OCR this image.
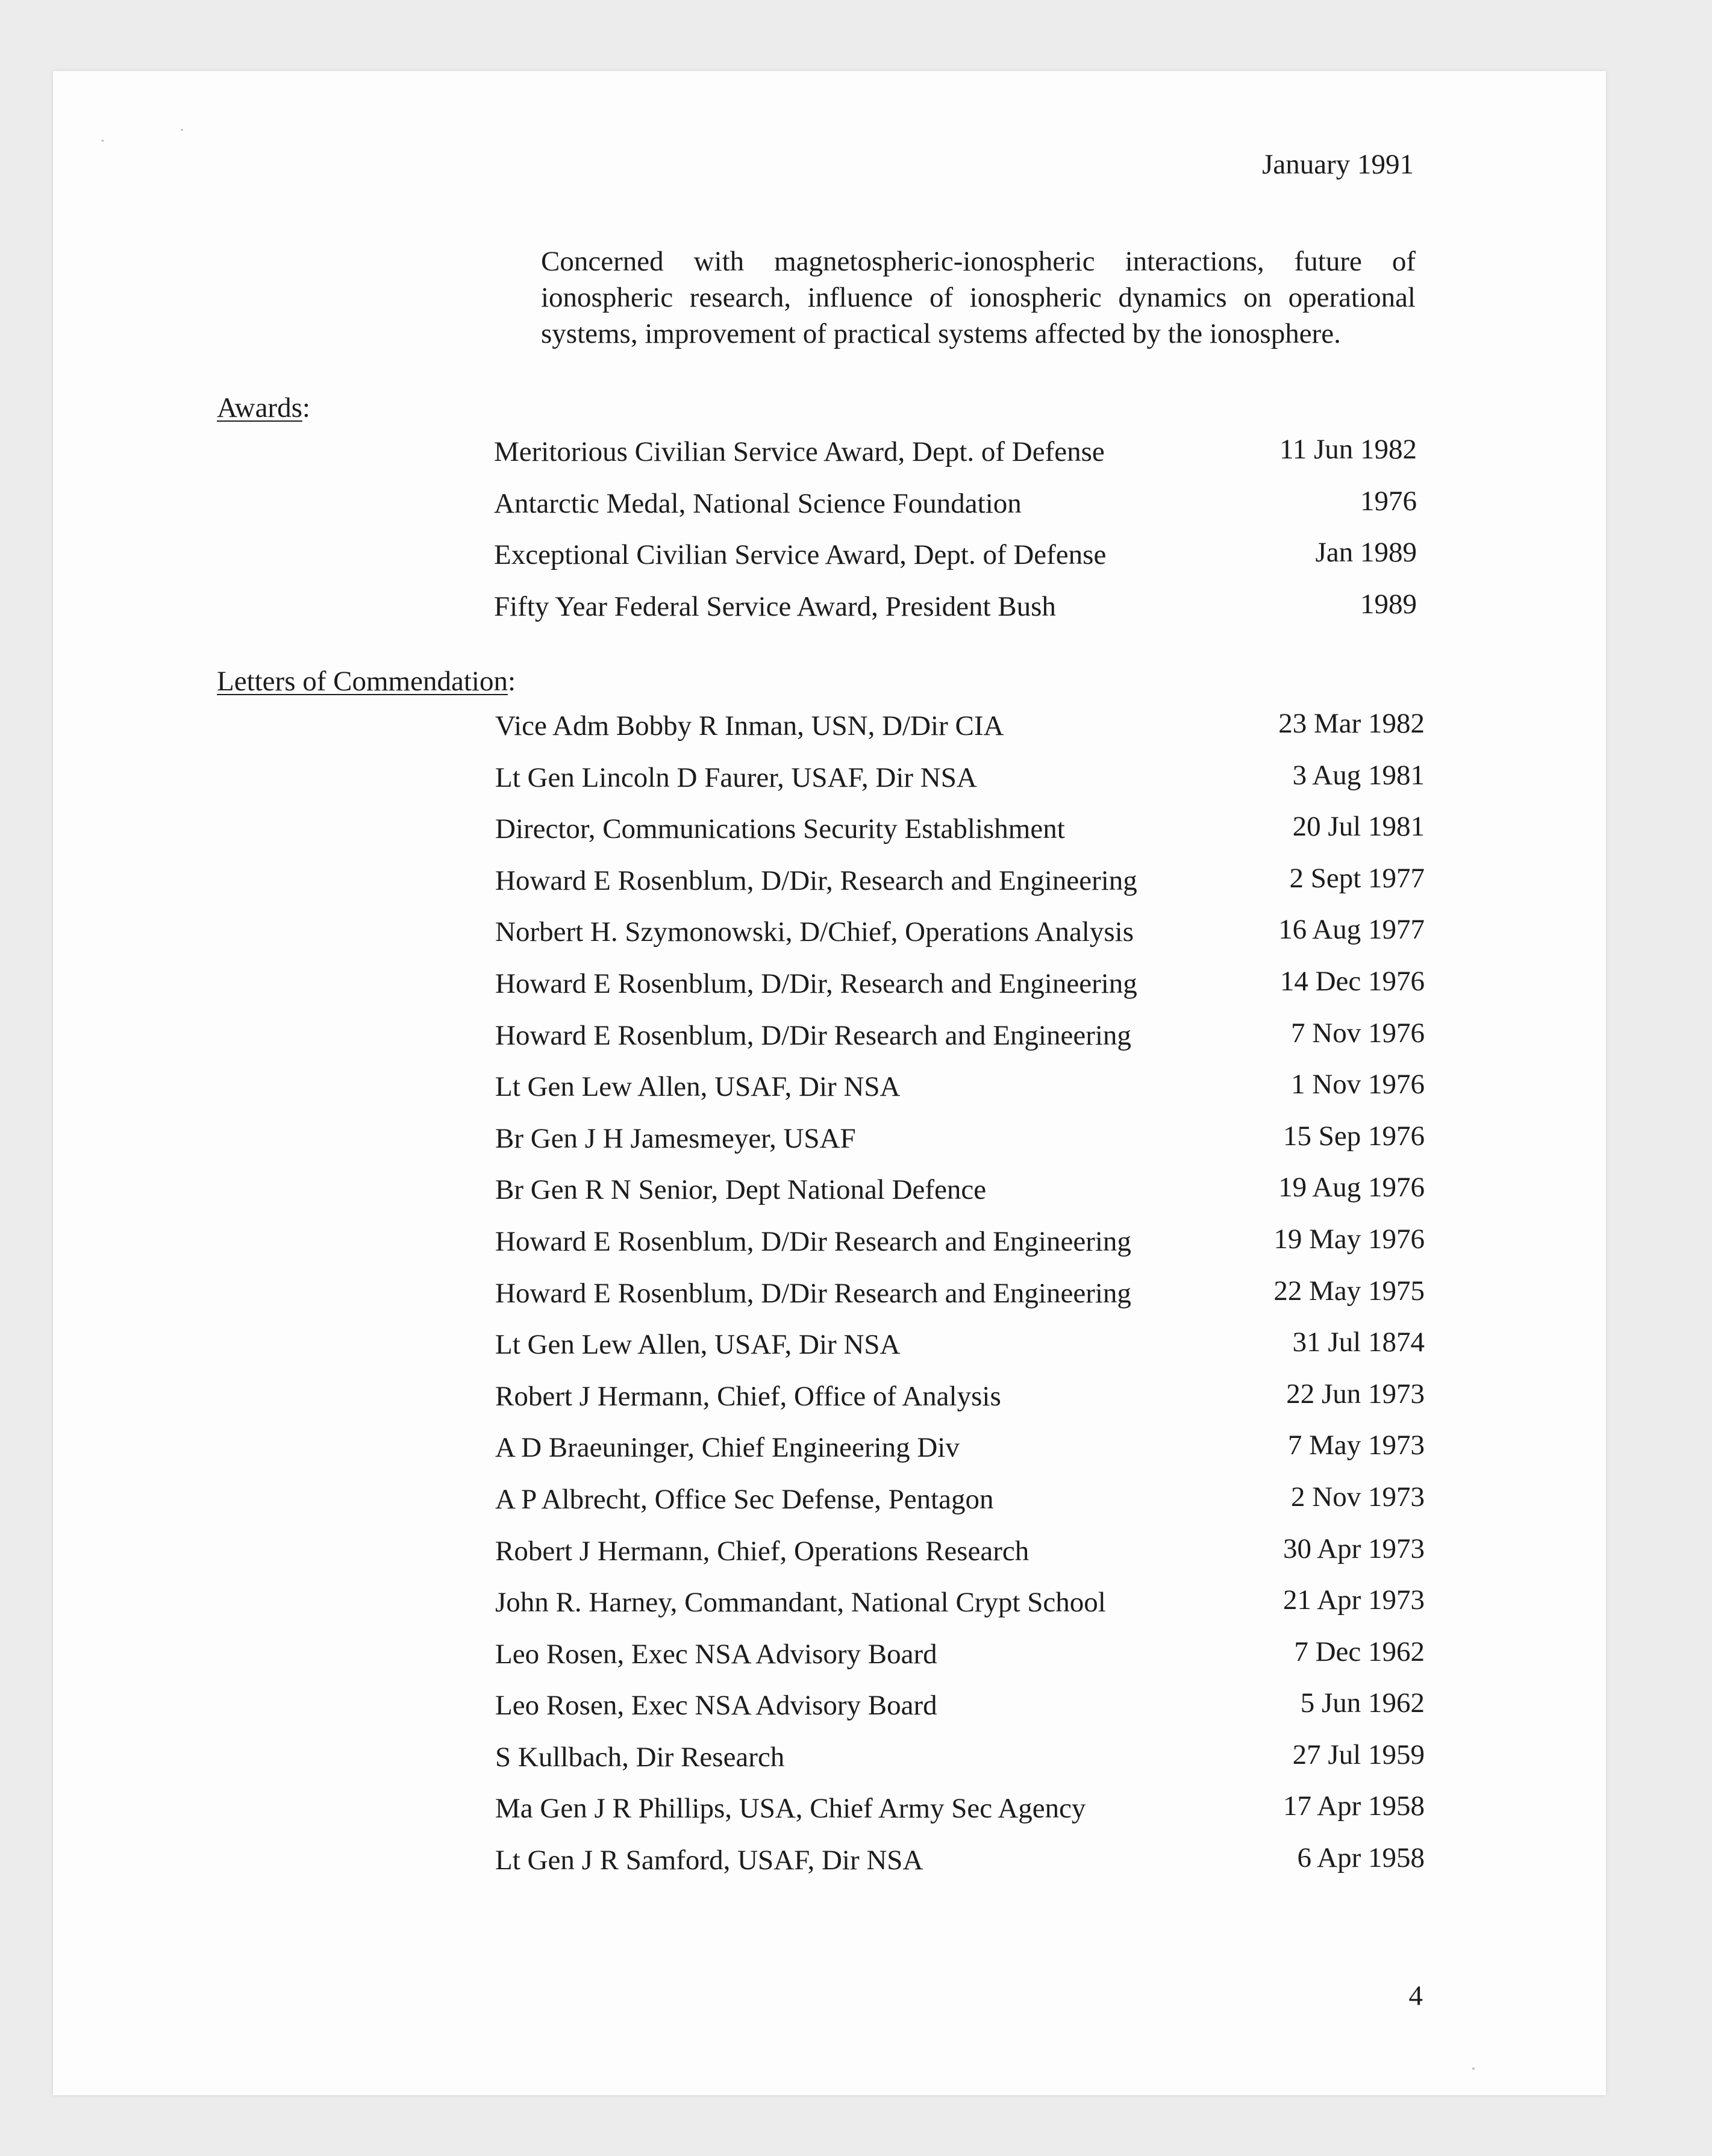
January 1991
Concerned with magnetospheric-ionospheric interactions, future of ionospheric research, influence of ionospheric dynamics on operational systems, improvement of practical systems affected by the ionosphere.
Awards:
Meritorious Civilian Service Award, Dept. of Defense	11 Jun 1982
Antarctic Medal, National Science Foundation	1976
Exceptional Civilian Service Award, Dept. of Defense	Jan 1989
Fifty Year Federal Service Award, President Bush	1989
Letters of Commendation:
Vice Adm Bobby R Inman, USN, D/Dir CIA	23 Mar 1982
Lt Gen Lincoln D Faurer, USAF, Dir NSA	3 Aug 1981
Director, Communications Security Establishment	20 Jul 1981
Howard E Rosenblum, D/Dir, Research and Engineering	2 Sept 1977
Norbert H. Szymonowski, D/Chief, Operations Analysis	16 Aug 1977
Howard E Rosenblum, D/Dir, Research and Engineering	14 Dec 1976
Howard E Rosenblum, D/Dir Research and Engineering	7 Nov 1976
Lt Gen Lew Allen, USAF, Dir NSA	1 Nov 1976
Br Gen J H Jamesmeyer, USAF	15 Sep 1976
Br Gen R N Senior, Dept National Defence	19 Aug 1976
Howard E Rosenblum, D/Dir Research and Engineering	19 May 1976
Howard E Rosenblum, D/Dir Research and Engineering	22 May 1975
Lt Gen Lew Allen, USAF, Dir NSA	31 Jul 1874
Robert J Hermann, Chief, Office of Analysis	22 Jun 1973
A D Braeuninger, Chief Engineering Div	7 May 1973
A P Albrecht, Office Sec Defense, Pentagon	2 Nov 1973
Robert J Hermann, Chief, Operations Research	30 Apr 1973
John R. Harney, Commandant, National Crypt School	21 Apr 1973
Leo Rosen, Exec NSA Advisory Board	7 Dec 1962
Leo Rosen, Exec NSA Advisory Board	5 Jun 1962
S Kullbach, Dir Research	27 Jul 1959
Ma Gen J R Phillips, USA, Chief Army Sec Agency	17 Apr 1958
Lt Gen J R Samford, USAF, Dir NSA	6 Apr 1958
4
